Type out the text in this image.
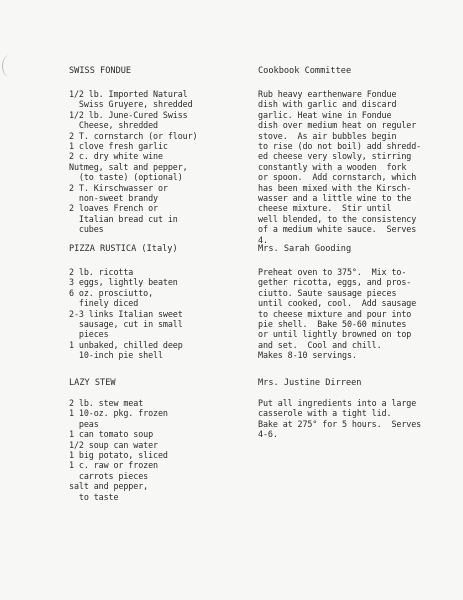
SWISS FONDUE	Cookbook Committee
1/2 lb. Imported Natural
Swiss Gruyere, shredded
1/2 lb. June-Cured Swiss
Cheese, shredded
2 T. cornstarch (or flour)
1 clove fresh garlic
2 c. dry white wine
Nutmeg, salt and pepper,
(to taste) (optional)
2 T. Kirschwasser or
non-sweet brandy
2 loaves French or
Italian bread cut in
cubes
Rub heavy earthenware Fondue
dish with garlic and discard
garlic. Heat wine in Fondue
dish over medium heat on reguler
stove.  As air bubbles begin
to rise (do not boil) add shredd-
ed cheese very slowly, stirring
constantly with a wooden  fork
or spoon.  Add cornstarch, which
has been mixed with the Kirsch-
wasser and a little wine to the
cheese mixture.  Stir until
well blended, to the consistency
of a medium white sauce.  Serves
4.
PIZZA RUSTICA (Italy)	Mrs. Sarah Gooding
2 lb. ricotta
3 eggs, lightly beaten
6 oz. prosciutto,
finely diced
2-3 links Italian sweet
sausage, cut in small
pieces
1 unbaked, chilled deep
10-inch pie shell
Preheat oven to 375°.  Mix to-
gether ricotta, eggs, and pros-
ciutto. Saute sausage pieces
until cooked, cool.  Add sausage
to cheese mixture and pour into
pie shell.  Bake 50-60 minutes
or until lightly browned on top
and set.  Cool and chill.
Makes 8-10 servings.
LAZY STEW	Mrs. Justine Dirreen
2 lb. stew meat
1 10-oz. pkg. frozen
peas
1 can tomato soup
1/2 soup can water
1 big potato, sliced
1 c. raw or frozen
carrots pieces
salt and pepper,
to taste
Put all ingredients into a large
casserole with a tight lid.
Bake at 275° for 5 hours.  Serves
4-6.
